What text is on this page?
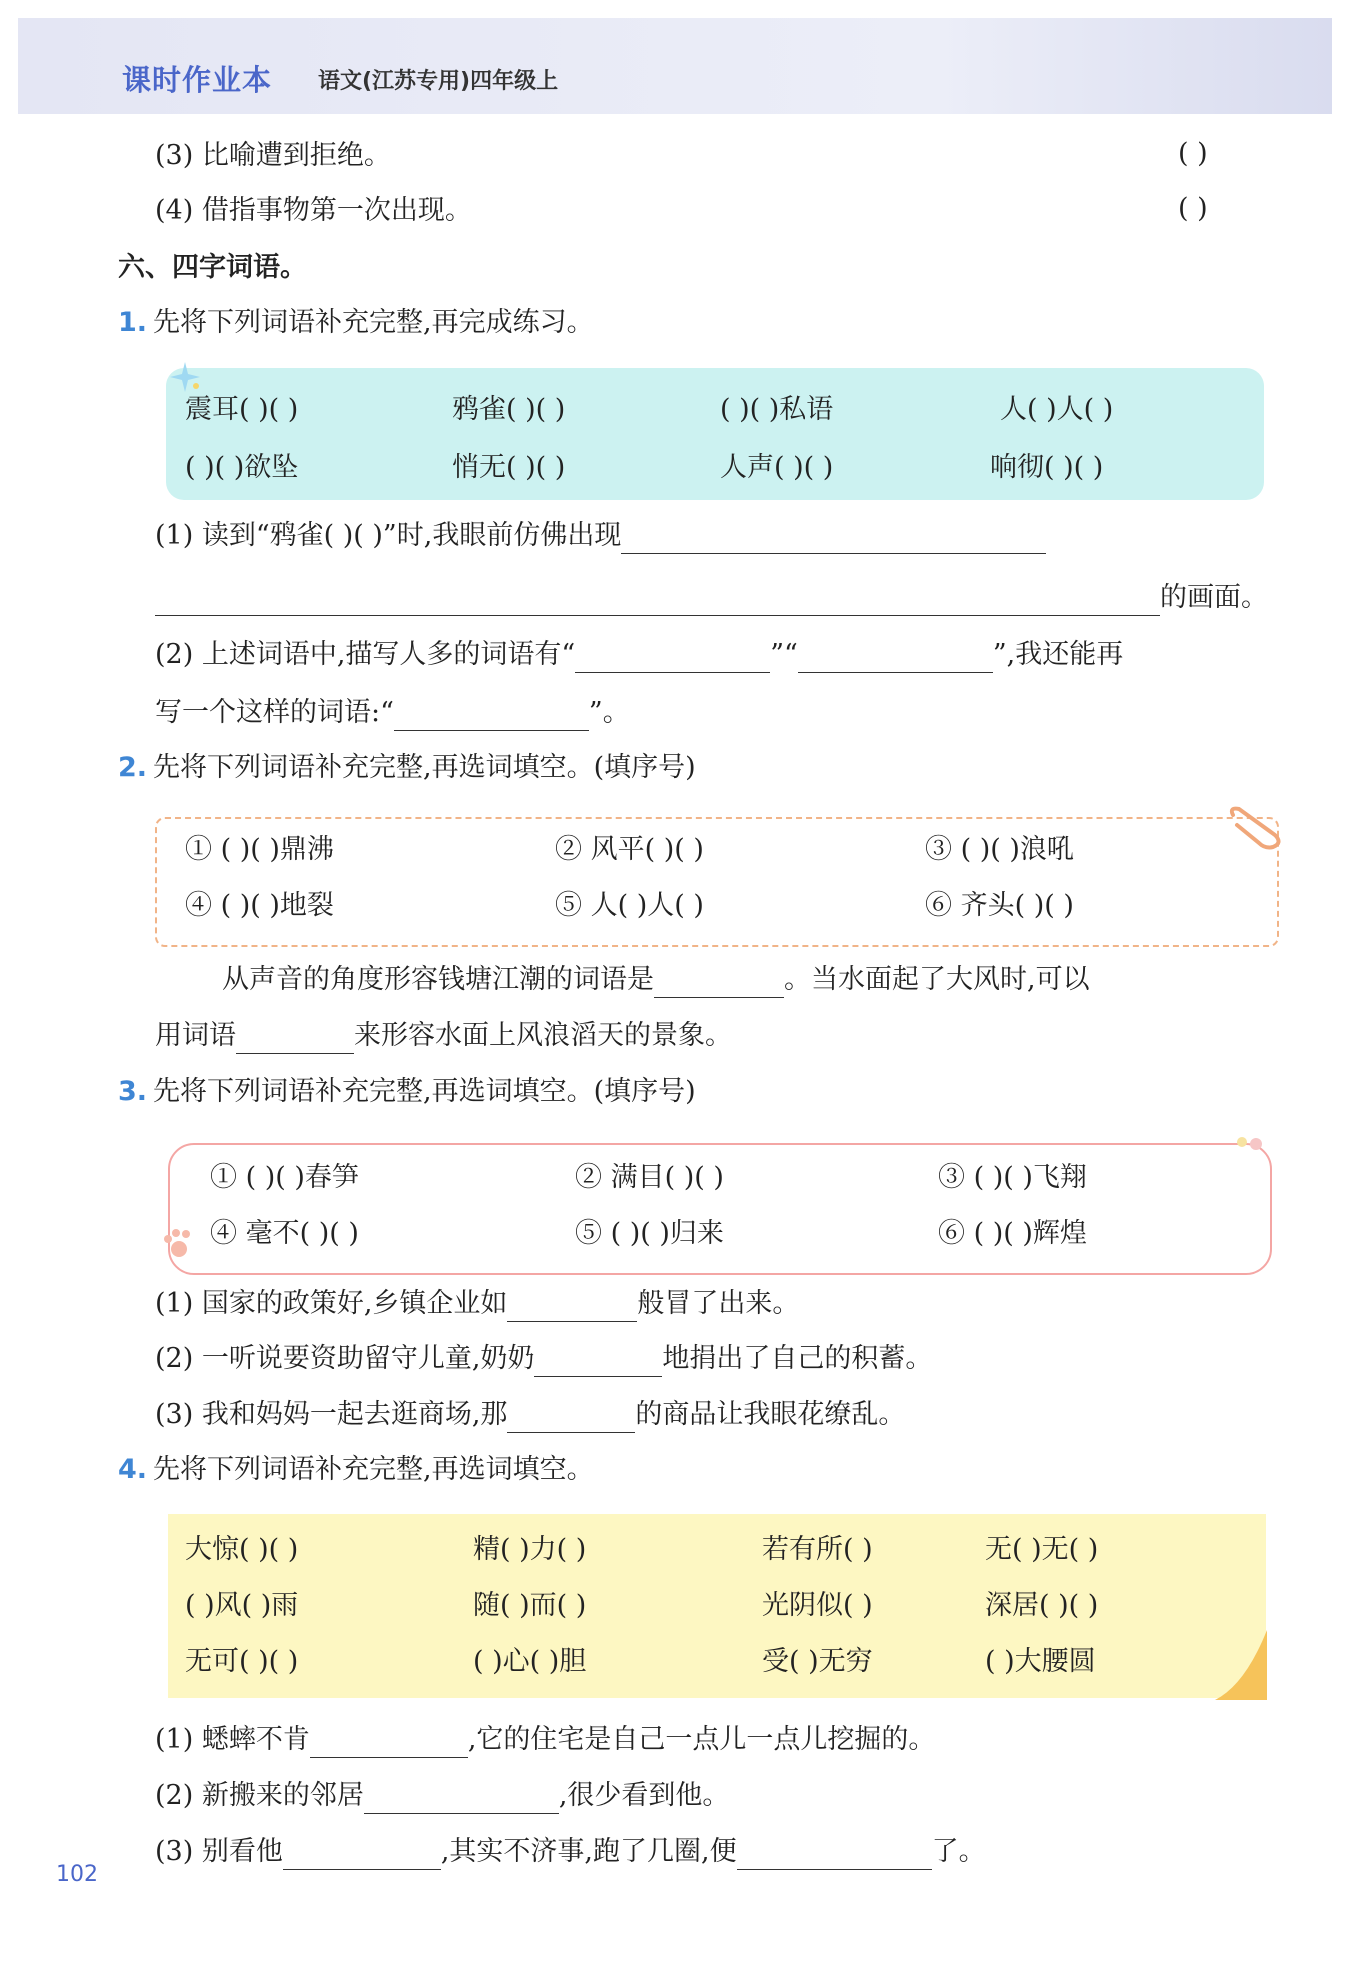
课时作业本 语文(江苏专用)四年级上
(3) 比喻遭到拒绝。	( )
(4) 借指事物第一次出现。	( )
六、四字词语。
1. 先将下列词语补充完整,再完成练习。
震耳( )( )	鸦雀( )( )	( )( )私语	人( )人( )
( )( )欲坠	悄无( )( )	人声( )( )	响彻( )( )
(1) 读到“鸦雀( )( )”时,我眼前仿佛出现
的画面。
(2) 上述词语中,描写人多的词语有“	”“	”,我还能再
写一个这样的词语:“	”。
2. 先将下列词语补充完整,再选词填空。(填序号)
① ( )( )鼎沸	② 风平( )( )	③ ( )( )浪吼
④ ( )( )地裂	⑤ 人( )人( )	⑥ 齐头( )( )
从声音的角度形容钱塘江潮的词语是	。当水面起了大风时,可以
用词语	来形容水面上风浪滔天的景象。
3. 先将下列词语补充完整,再选词填空。(填序号)
① ( )( )春笋	② 满目( )( )	③ ( )( )飞翔
④ 毫不( )( )	⑤ ( )( )归来	⑥ ( )( )辉煌
(1) 国家的政策好,乡镇企业如	般冒了出来。
(2) 一听说要资助留守儿童,奶奶	地捐出了自己的积蓄。
(3) 我和妈妈一起去逛商场,那	的商品让我眼花缭乱。
4. 先将下列词语补充完整,再选词填空。
大惊( )( )	精( )力( )	若有所( )	无( )无( )
( )风( )雨	随( )而( )	光阴似( )	深居( )( )
无可( )( )	( )心( )胆	受( )无穷	( )大腰圆
(1) 蟋蟀不肯	,它的住宅是自己一点儿一点儿挖掘的。
(2) 新搬来的邻居	,很少看到他。
(3) 别看他	,其实不济事,跑了几圈,便	了。
102
